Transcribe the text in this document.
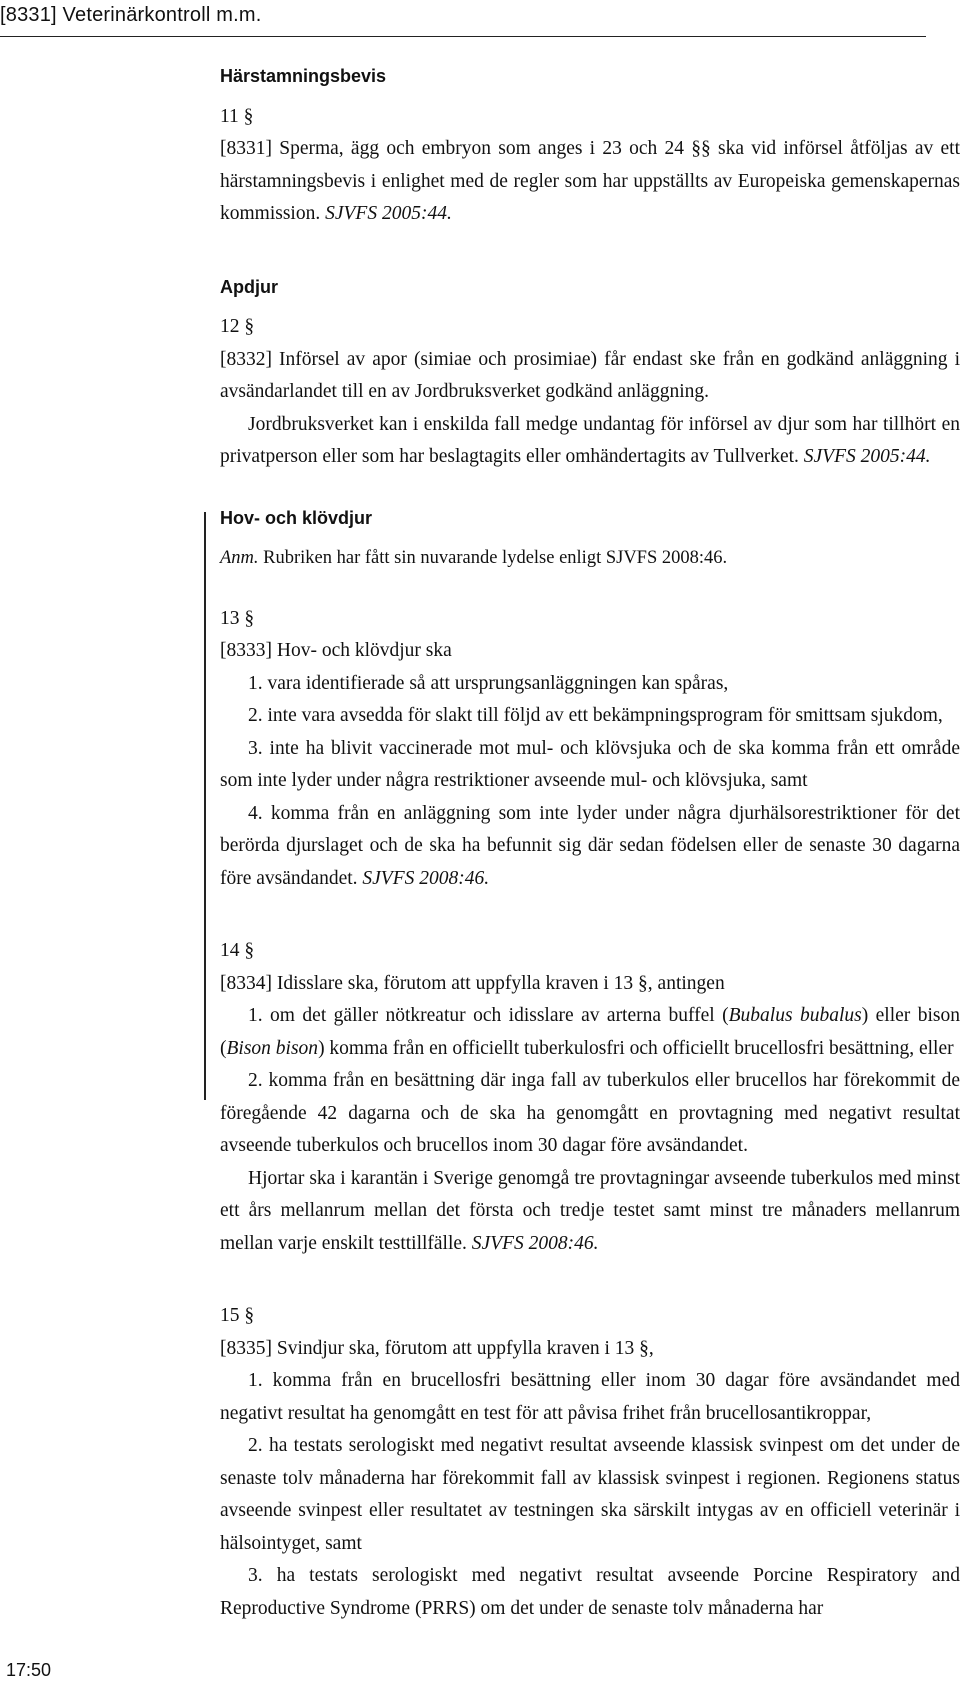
[8331] Veterinärkontroll m.m.

Härstamningsbevis

11 §

[8331] Sperma, ägg och embryon som anges i 23 och 24 §§ ska vid införsel åtföljas av ett härstamningsbevis i enlighet med de regler som har uppställts av Europeiska gemenskapernas kommission. SJVFS 2005:44.

Apdjur

12 §

[8332] Införsel av apor (simiae och prosimiae) får endast ske från en godkänd anläggning i avsändarlandet till en av Jordbruksverket godkänd anläggning.

Jordbruksverket kan i enskilda fall medge undantag för införsel av djur som har tillhört en privatperson eller som har beslagtagits eller omhändertagits av Tullverket. SJVFS 2005:44.

Hov- och klövdjur

Anm. Rubriken har fått sin nuvarande lydelse enligt SJVFS 2008:46.

13 §

[8333] Hov- och klövdjur ska

1. vara identifierade så att ursprungsanläggningen kan spåras,

2. inte vara avsedda för slakt till följd av ett bekämpningsprogram för smittsam sjukdom,

3. inte ha blivit vaccinerade mot mul- och klövsjuka och de ska komma från ett område som inte lyder under några restriktioner avseende mul- och klövsjuka, samt

4. komma från en anläggning som inte lyder under några djurhälsorestriktioner för det berörda djurslaget och de ska ha befunnit sig där sedan födelsen eller de senaste 30 dagarna före avsändandet. SJVFS 2008:46.

14 §

[8334] Idisslare ska, förutom att uppfylla kraven i 13 §, antingen

1. om det gäller nötkreatur och idisslare av arterna buffel (Bubalus bubalus) eller bison (Bison bison) komma från en officiellt tuberkulosfri och officiellt brucellosfri besättning, eller

2. komma från en besättning där inga fall av tuberkulos eller brucellos har förekommit de föregående 42 dagarna och de ska ha genomgått en provtagning med negativt resultat avseende tuberkulos och brucellos inom 30 dagar före avsändandet.

Hjortar ska i karantän i Sverige genomgå tre provtagningar avseende tuberkulos med minst ett års mellanrum mellan det första och tredje testet samt minst tre månaders mellanrum mellan varje enskilt testtillfälle. SJVFS 2008:46.

15 §

[8335] Svindjur ska, förutom att uppfylla kraven i 13 §,

1. komma från en brucellosfri besättning eller inom 30 dagar före avsändandet med negativt resultat ha genomgått en test för att påvisa frihet från brucellosantikroppar,

2. ha testats serologiskt med negativt resultat avseende klassisk svinpest om det under de senaste tolv månaderna har förekommit fall av klassisk svinpest i regionen. Regionens status avseende svinpest eller resultatet av testningen ska särskilt intygas av en officiell veterinär i hälsointyget, samt

3. ha testats serologiskt med negativt resultat avseende Porcine Respiratory and Reproductive Syndrome (PRRS) om det under de senaste tolv månaderna har

17:50
